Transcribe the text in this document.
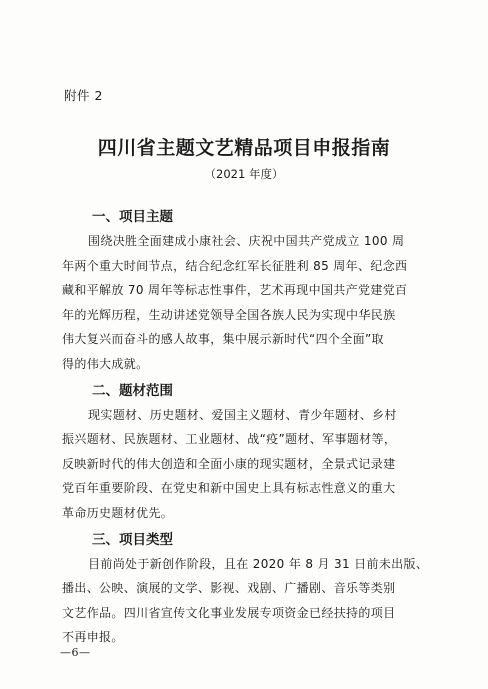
附件 2
四川省主题文艺精品项目申报指南
（2021 年度）
一、项目主题
围绕决胜全面建成小康社会、庆祝中国共产党成立 100 周
年两个重大时间节点，结合纪念红军长征胜利 85 周年、纪念西
藏和平解放 70 周年等标志性事件，艺术再现中国共产党建党百
年的光辉历程，生动讲述党领导全国各族人民为实现中华民族
伟大复兴而奋斗的感人故事，集中展示新时代“四个全面”取
得的伟大成就。
二、题材范围
现实题材、历史题材、爱国主义题材、青少年题材、乡村
振兴题材、民族题材、工业题材、战“疫”题材、军事题材等，
反映新时代的伟大创造和全面小康的现实题材，全景式记录建
党百年重要阶段、在党史和新中国史上具有标志性意义的重大
革命历史题材优先。
三、项目类型
目前尚处于新创作阶段，且在 2020 年 8 月 31 日前未出版、
播出、公映、演展的文学、影视、戏剧、广播剧、音乐等类别
文艺作品。四川省宣传文化事业发展专项资金已经扶持的项目
不再申报。
—6—
